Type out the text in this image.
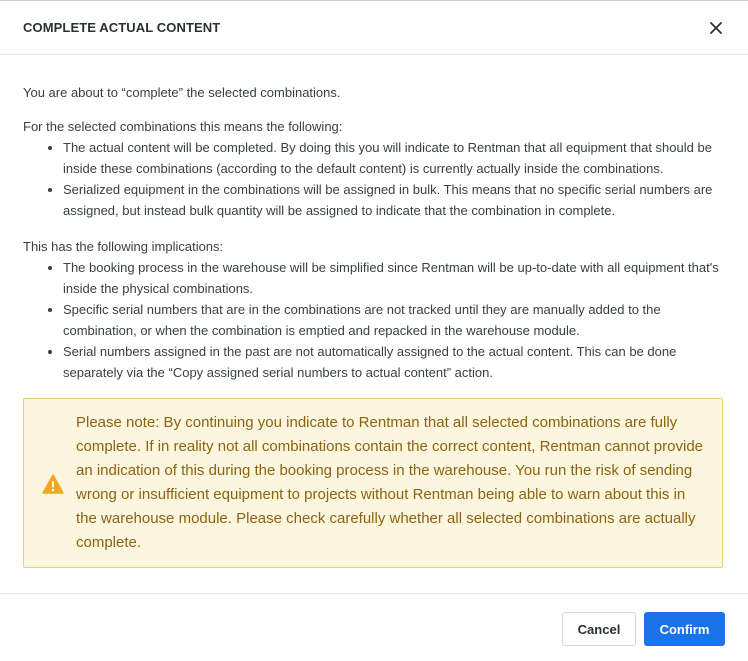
COMPLETE ACTUAL CONTENT

You are about to “complete” the selected combinations.

For the selected combinations this means the following:

• The actual content will be completed. By doing this you will indicate to Rentman that all equipment that should be inside these combinations (according to the default content) is currently actually inside the combinations.
• Serialized equipment in the combinations will be assigned in bulk. This means that no specific serial numbers are assigned, but instead bulk quantity will be assigned to indicate that the combination in complete.

This has the following implications:

• The booking process in the warehouse will be simplified since Rentman will be up-to-date with all equipment that's inside the physical combinations.
• Specific serial numbers that are in the combinations are not tracked until they are manually added to the combination, or when the combination is emptied and repacked in the warehouse module.
• Serial numbers assigned in the past are not automatically assigned to the actual content. This can be done separately via the “Copy assigned serial numbers to actual content” action.
Please note: By continuing you indicate to Rentman that all selected combinations are fully complete. If in reality not all combinations contain the correct content, Rentman cannot provide an indication of this during the booking process in the warehouse. You run the risk of sending wrong or insufficient equipment to projects without Rentman being able to warn about this in the warehouse module. Please check carefully whether all selected combinations are actually complete.
Cancel	Confirm
